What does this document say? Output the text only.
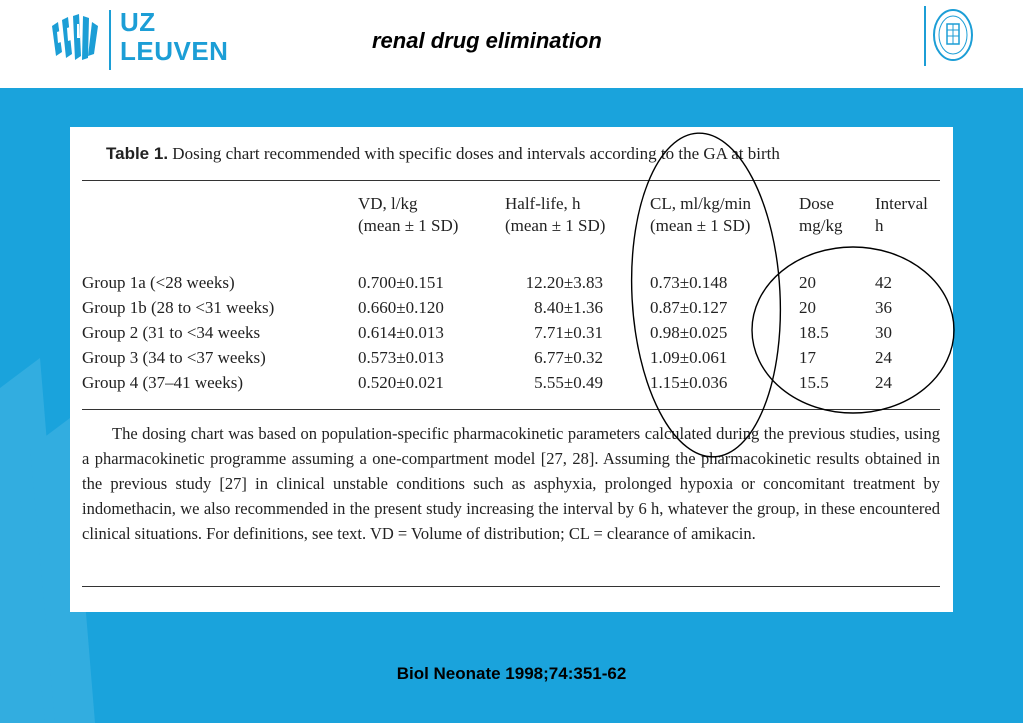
UZ
LEUVEN	renal drug elimination
Table 1. Dosing chart recommended with specific doses and intervals according to the GA at birth
VD, l/kg
(mean ± 1 SD)
Half-life, h
(mean ± 1 SD)
CL, ml/kg/min
(mean ± 1 SD)
Dose
mg/kg
Interval
h
Group 1a (<28 weeks)
Group 1b (28 to <31 weeks)
Group 2 (31 to <34 weeks
Group 3 (34 to <37 weeks)
Group 4 (37–41 weeks)
0.700±0.151
0.660±0.120
0.614±0.013
0.573±0.013
0.520±0.021
12.20±3.83
8.40±1.36
7.71±0.31
6.77±0.32
5.55±0.49
0.73±0.148
0.87±0.127
0.98±0.025
1.09±0.061
1.15±0.036
20
20
18.5
17
15.5
42
36
30
24
24
The dosing chart was based on population-specific pharmacokinetic parameters calculated during the previous studies, using a pharmacokinetic programme assuming a one-compartment model [27, 28]. Assuming the pharmacokinetic results obtained in the previous study [27] in clinical unstable conditions such as asphyxia, prolonged hypoxia or concomitant treatment by indomethacin, we also recommended in the present study increasing the interval by 6 h, whatever the group, in these encountered clinical situations. For definitions, see text. VD = Volume of distribution; CL = clearance of amikacin.
Biol Neonate 1998;74:351-62
